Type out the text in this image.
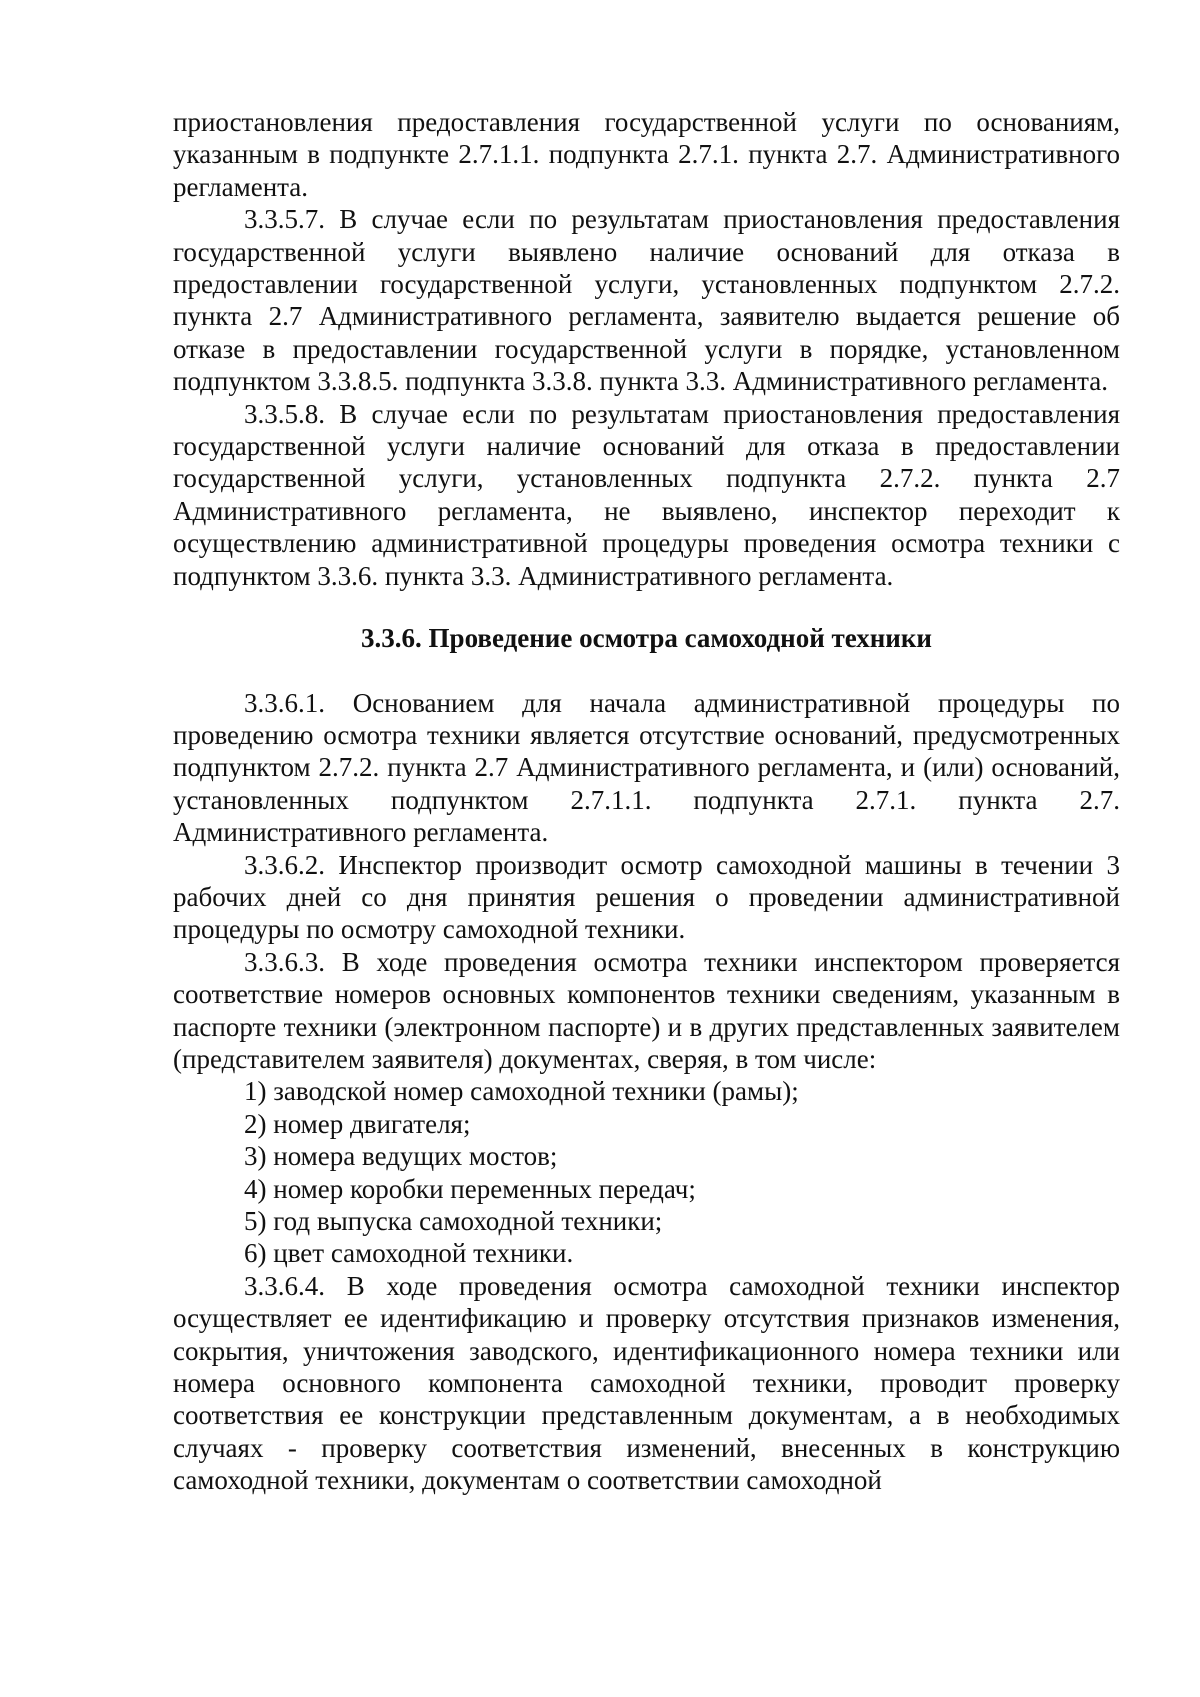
приостановления предоставления государственной услуги по основаниям, указанным в подпункте 2.7.1.1. подпункта 2.7.1. пункта 2.7. Административного регламента.

3.3.5.7. В случае если по результатам приостановления предоставления государственной услуги выявлено наличие оснований для отказа в предоставлении государственной услуги, установленных подпунктом 2.7.2. пункта 2.7 Административного регламента, заявителю выдается решение об отказе в предоставлении государственной услуги в порядке, установленном подпунктом 3.3.8.5. подпункта 3.3.8. пункта 3.3. Административного регламента.

3.3.5.8. В случае если по результатам приостановления предоставления государственной услуги наличие оснований для отказа в предоставлении государственной услуги, установленных подпункта 2.7.2. пункта 2.7 Административного регламента, не выявлено, инспектор переходит к осуществлению административной процедуры проведения осмотра техники с подпунктом 3.3.6. пункта 3.3. Административного регламента.

3.3.6. Проведение осмотра самоходной техники

3.3.6.1. Основанием для начала административной процедуры по проведению осмотра техники является отсутствие оснований, предусмотренных подпунктом 2.7.2. пункта 2.7 Административного регламента, и (или) оснований, установленных подпунктом 2.7.1.1. подпункта 2.7.1. пункта 2.7. Административного регламента.

3.3.6.2. Инспектор производит осмотр самоходной машины в течении 3 рабочих дней со дня принятия решения о проведении административной процедуры по осмотру самоходной техники.

3.3.6.3. В ходе проведения осмотра техники инспектором проверяется соответствие номеров основных компонентов техники сведениям, указанным в паспорте техники (электронном паспорте) и в других представленных заявителем (представителем заявителя) документах, сверяя, в том числе:

1) заводской номер самоходной техники (рамы);
2) номер двигателя;
3) номера ведущих мостов;
4) номер коробки переменных передач;
5) год выпуска самоходной техники;
6) цвет самоходной техники.

3.3.6.4. В ходе проведения осмотра самоходной техники инспектор осуществляет ее идентификацию и проверку отсутствия признаков изменения, сокрытия, уничтожения заводского, идентификационного номера техники или номера основного компонента самоходной техники, проводит проверку соответствия ее конструкции представленным документам, а в необходимых случаях - проверку соответствия изменений, внесенных в конструкцию самоходной техники, документам о соответствии самоходной
